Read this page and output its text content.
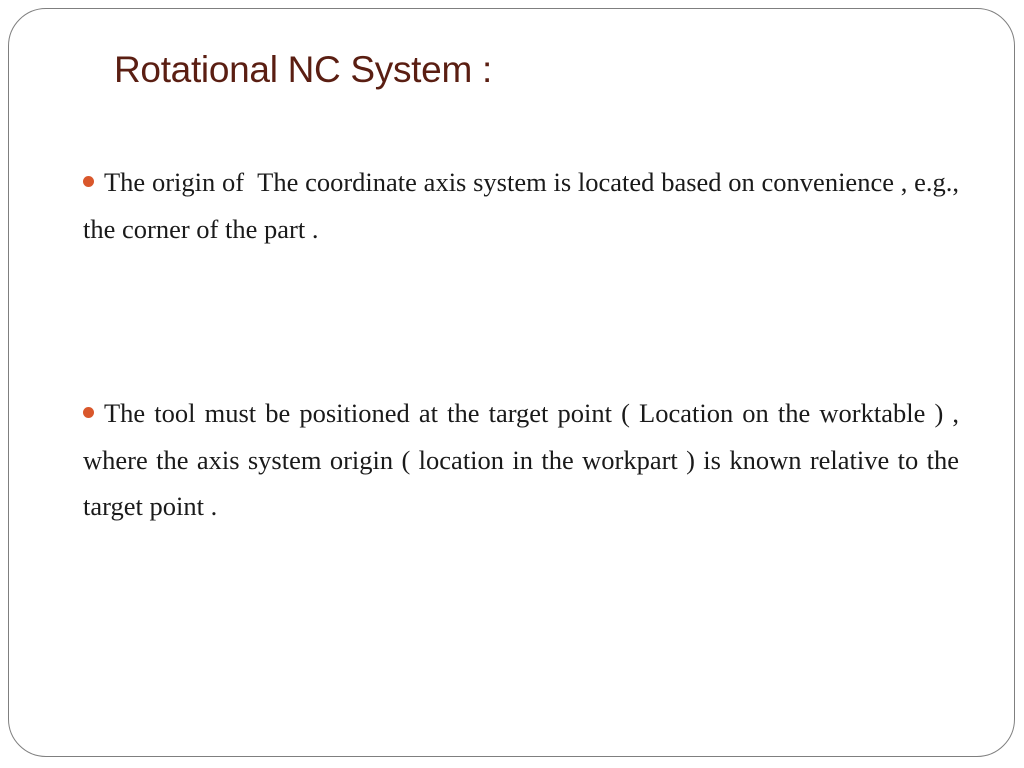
Rotational NC System :

The origin of  The coordinate axis system is located based on convenience , e.g., the corner of the part .

The tool must be positioned at the target point ( Location on the worktable ) , where the axis system origin ( location in the workpart ) is known relative to the target point .
